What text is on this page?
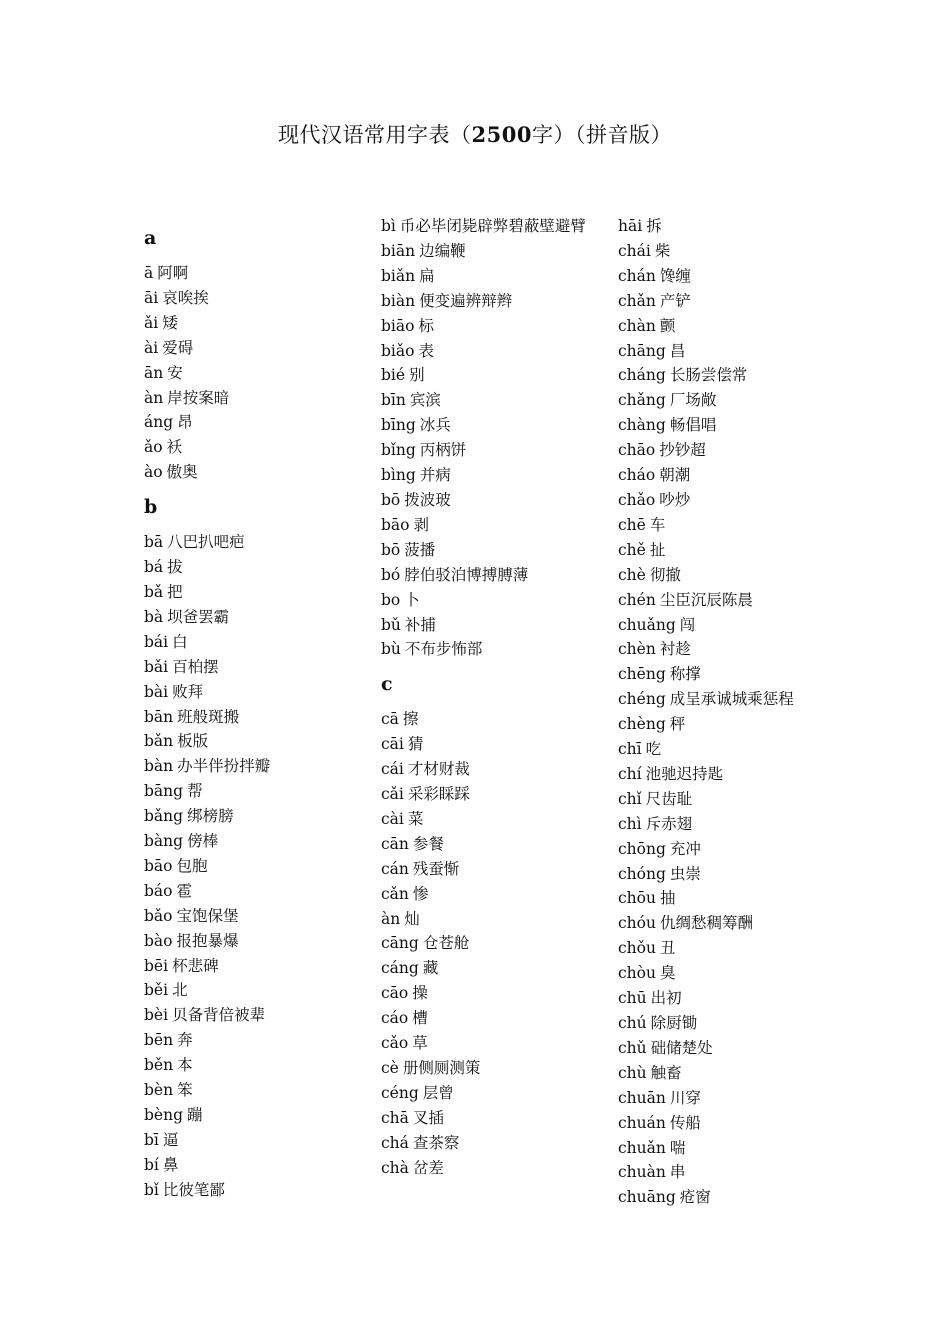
现代汉语常用字表（2500字）（拼音版）
a
ā 阿啊
āi 哀唉挨
ǎi 矮
ài 爱碍
ān 安
àn 岸按案暗
áng 昂
ǎo 袄
ào 傲奥
b
bā 八巴扒吧疤
bá 拔
bǎ 把
bà 坝爸罢霸
bái 白
bǎi 百柏摆
bài 败拜
bān 班般斑搬
bǎn 板版
bàn 办半伴扮拌瓣
bāng 帮
bǎng 绑榜膀
bàng 傍棒
bāo 包胞
báo 雹
bǎo 宝饱保堡
bào 报抱暴爆
bēi 杯悲碑
běi 北
bèi 贝备背倍被辈
bēn 奔
běn 本
bèn 笨
bèng 蹦
bī 逼
bí 鼻
bǐ 比彼笔鄙
bì 币必毕闭毙辟弊碧蔽壁避臂
biān 边编鞭
biǎn 扁
biàn 便变遍辨辩辫
biāo 标
biǎo 表
bié 别
bīn 宾滨
bīng 冰兵
bǐng 丙柄饼
bìng 并病
bō 拨波玻
bāo 剥
bō 菠播
bó 脖伯驳泊博搏膊薄
bo 卜
bǔ 补捕
bù 不布步怖部
c
cā 擦
cāi 猜
cái 才材财裁
cǎi 采彩睬踩
cài 菜
cān 参餐
cán 残蚕惭
cǎn 惨
àn 灿
cāng 仓苍舱
cáng 藏
cāo 操
cáo 槽
cǎo 草
cè 册侧厕测策
céng 层曾
chā 叉插
chá 查茶察
chà 岔差
hāi 拆
chái 柴
chán 馋缠
chǎn 产铲
chàn 颤
chāng 昌
cháng 长肠尝偿常
chǎng 厂场敞
chàng 畅倡唱
chāo 抄钞超
cháo 朝潮
chǎo 吵炒
chē 车
chě 扯
chè 彻撤
chén 尘臣沉辰陈晨
chuǎng 闯
chèn 衬趁
chēng 称撑
chéng 成呈承诚城乘惩程
chèng 秤
chī 吃
chí 池驰迟持匙
chǐ 尺齿耻
chì 斥赤翅
chōng 充冲
chóng 虫崇
chōu 抽
chóu 仇绸愁稠筹酬
chǒu 丑
chòu 臭
chū 出初
chú 除厨锄
chǔ 础储楚处
chù 触畜
chuān 川穿
chuán 传船
chuǎn 喘
chuàn 串
chuāng 疮窗
